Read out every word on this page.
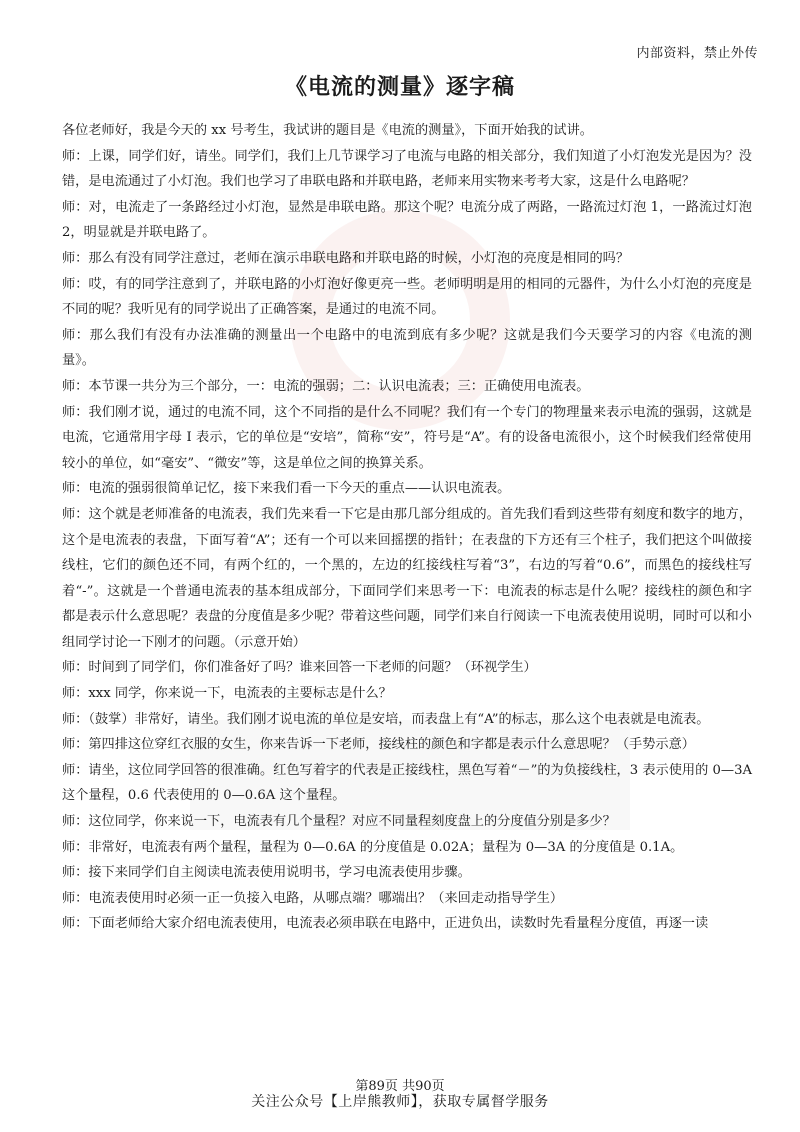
内部资料，禁止外传
《电流的测量》逐字稿

各位老师好，我是今天的 xx 号考生，我试讲的题目是《电流的测量》，下面开始我的试讲。

师：上课，同学们好，请坐。同学们，我们上几节课学习了电流与电路的相关部分，我们知道了小灯泡发光是因为？没错，是电流通过了小灯泡。我们也学习了串联电路和并联电路，老师来用实物来考考大家，这是什么电路呢？

师：对，电流走了一条路经过小灯泡，显然是串联电路。那这个呢？电流分成了两路，一路流过灯泡 1，一路流过灯泡 2，明显就是并联电路了。

师：那么有没有同学注意过，老师在演示串联电路和并联电路的时候，小灯泡的亮度是相同的吗？

师：哎，有的同学注意到了，并联电路的小灯泡好像更亮一些。老师明明是用的相同的元器件，为什么小灯泡的亮度是不同的呢？我听见有的同学说出了正确答案，是通过的电流不同。

师：那么我们有没有办法准确的测量出一个电路中的电流到底有多少呢？这就是我们今天要学习的内容《电流的测量》。

师：本节课一共分为三个部分，一：电流的强弱；二：认识电流表；三：正确使用电流表。

师：我们刚才说，通过的电流不同，这个不同指的是什么不同呢？我们有一个专门的物理量来表示电流的强弱，这就是电流，它通常用字母 I 表示，它的单位是“安培”，简称“安”，符号是“A”。有的设备电流很小，这个时候我们经常使用较小的单位，如“毫安”、“微安”等，这是单位之间的换算关系。

师：电流的强弱很简单记忆，接下来我们看一下今天的重点——认识电流表。

师：这个就是老师准备的电流表，我们先来看一下它是由那几部分组成的。首先我们看到这些带有刻度和数字的地方，这个是电流表的表盘，下面写着“A”；还有一个可以来回摇摆的指针；在表盘的下方还有三个柱子，我们把这个叫做接线柱，它们的颜色还不同，有两个红的，一个黑的，左边的红接线柱写着“3”，右边的写着“0.6”，而黑色的接线柱写着“-”。这就是一个普通电流表的基本组成部分，下面同学们来思考一下：电流表的标志是什么呢？接线柱的颜色和字都是表示什么意思呢？表盘的分度值是多少呢？带着这些问题，同学们来自行阅读一下电流表使用说明，同时可以和小组同学讨论一下刚才的问题。（示意开始）

师：时间到了同学们，你们准备好了吗？谁来回答一下老师的问题？（环视学生）

师：xxx 同学，你来说一下，电流表的主要标志是什么？

师：（鼓掌）非常好，请坐。我们刚才说电流的单位是安培，而表盘上有“A”的标志，那么这个电表就是电流表。

师：第四排这位穿红衣服的女生，你来告诉一下老师，接线柱的颜色和字都是表示什么意思呢？（手势示意）

师：请坐，这位同学回答的很准确。红色写着字的代表是正接线柱，黑色写着“－”的为负接线柱，3 表示使用的 0—3A 这个量程，0.6 代表使用的 0—0.6A 这个量程。

师：这位同学，你来说一下，电流表有几个量程？对应不同量程刻度盘上的分度值分别是多少？

师：非常好，电流表有两个量程，量程为 0—0.6A 的分度值是 0.02A；量程为 0—3A 的分度值是 0.1A。

师：接下来同学们自主阅读电流表使用说明书，学习电流表使用步骤。

师：电流表使用时必须一正一负接入电路，从哪点端？哪端出？（来回走动指导学生）

师：下面老师给大家介绍电流表使用，电流表必须串联在电路中，正进负出，读数时先看量程分度值，再逐一读

第89页 共90页
关注公众号【上岸熊教师】，获取专属督学服务
